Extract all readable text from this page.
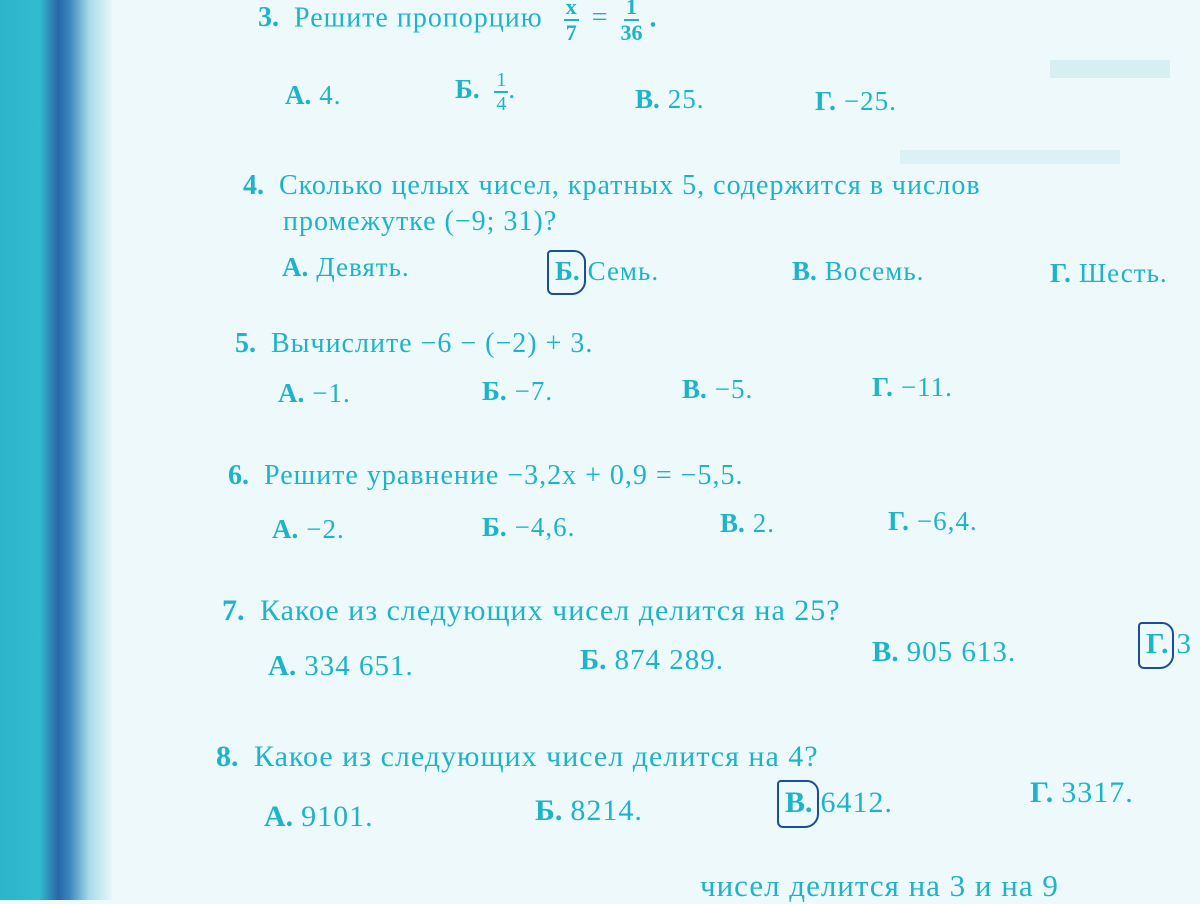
3. Решите пропорцию $\frac{x}{7} = \frac{1}{36}$ .
А. 4.	Б. $\frac{1}{4}$ .	В. 25.	Г. −25.
4. Сколько целых чисел, кратных 5, содержится в числов
промежутке (−9; 31)?
А. Девять.	Б. Семь.	В. Восемь.	Г. Шесть.
5. Вычислите −6 − (−2) + 3.
А. −1.	Б. −7.	В. −5.	Г. −11.
6. Решите уравнение −3,2x + 0,9 = −5,5.
А. −2.	Б. −4,6.	В. 2.	Г. −6,4.
7. Какое из следующих чисел делится на 25?
А. 334 651.	Б. 874 289.	В. 905 613.	Г. 3
8. Какое из следующих чисел делится на 4?
А. 9101.	Б. 8214.	В. 6412.	Г. 3317.
чисел делится на 3 и на 9
